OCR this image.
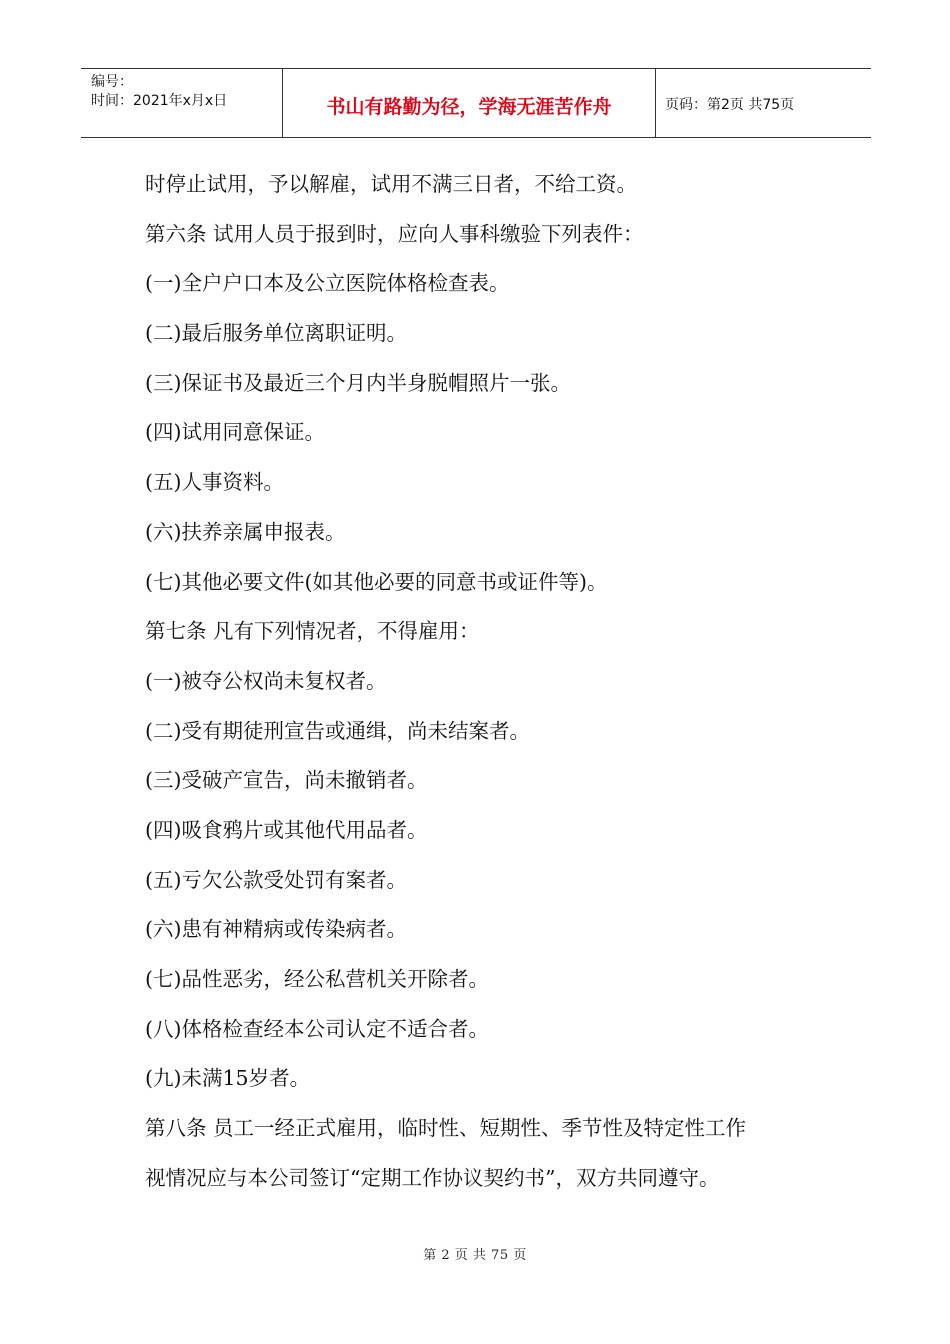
编号：
时间：2021年x月x日	书山有路勤为径，学海无涯苦作舟	页码：第2页 共75页
时停止试用，予以解雇，试用不满三日者，不给工资。
第六条 试用人员于报到时，应向人事科缴验下列表件：
(一)全户户口本及公立医院体格检查表。
(二)最后服务单位离职证明。
(三)保证书及最近三个月内半身脱帽照片一张。
(四)试用同意保证。
(五)人事资料。
(六)扶养亲属申报表。
(七)其他必要文件(如其他必要的同意书或证件等)。
第七条 凡有下列情况者，不得雇用：
(一)被夺公权尚未复权者。
(二)受有期徒刑宣告或通缉，尚未结案者。
(三)受破产宣告，尚未撤销者。
(四)吸食鸦片或其他代用品者。
(五)亏欠公款受处罚有案者。
(六)患有神精病或传染病者。
(七)品性恶劣，经公私营机关开除者。
(八)体格检查经本公司认定不适合者。
(九)未满15岁者。
第八条 员工一经正式雇用，临时性、短期性、季节性及特定性工作
视情况应与本公司签订“定期工作协议契约书”，双方共同遵守。
第 2 页 共 75 页
